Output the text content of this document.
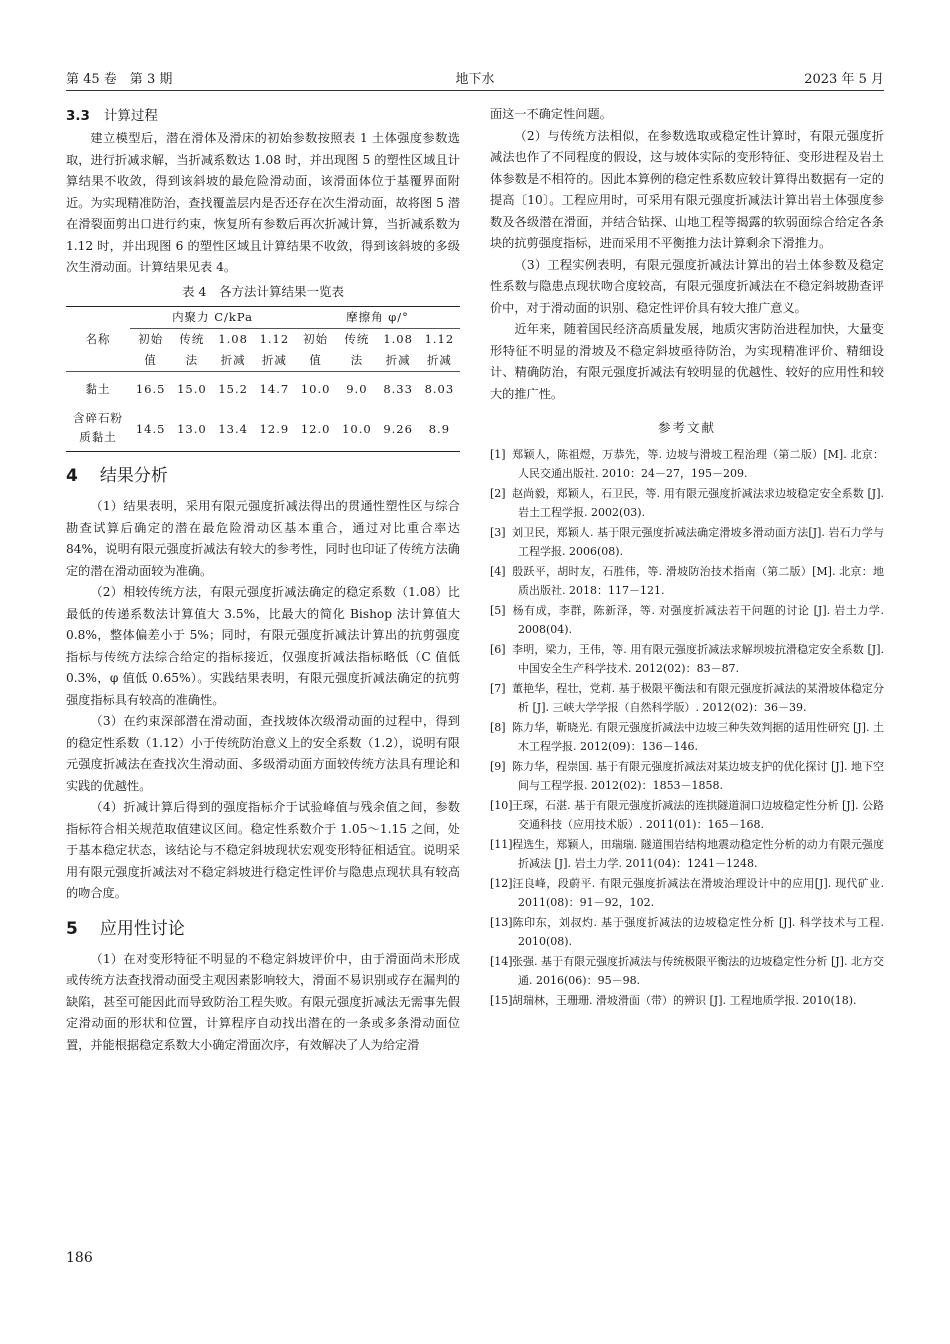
第 45 卷　第 3 期	地下水	2023 年 5 月
3.3 计算过程

建立模型后，潜在滑体及滑床的初始参数按照表 1 土体强度参数选取，进行折减求解，当折减系数达 1.08 时，并出现图 5 的塑性区域且计算结果不收敛，得到该斜坡的最危险滑动面，该滑面体位于基覆界面附近。为实现精准防治，查找覆盖层内是否还存在次生滑动面，故将图 5 潜在滑裂面剪出口进行约束，恢复所有参数后再次折减计算，当折减系数为 1.12 时，并出现图 6 的塑性区域且计算结果不收敛，得到该斜坡的多级次生滑动面。计算结果见表 4。

表 4　各方法计算结果一览表
名称	内聚力 C/kPa				摩擦角 φ/°			
	初始	传统	1.08	1.12	初始	传统	1.08	1.12
	值	法	折减	折减	值	法	折减	折减
黏土	16.5	15.0	15.2	14.7	10.0	9.0	8.33	8.03
含碎石粉
质黏土	14.5	13.0	13.4	12.9	12.0	10.0	9.26	8.9
4 结果分析

（1）结果表明，采用有限元强度折减法得出的贯通性塑性区与综合勘查试算后确定的潜在最危险滑动区基本重合，通过对比重合率达 84%，说明有限元强度折减法有较大的参考性，同时也印证了传统方法确定的潜在滑动面较为准确。

（2）相较传统方法，有限元强度折减法确定的稳定系数（1.08）比最低的传递系数法计算值大 3.5%，比最大的简化 Bishop 法计算值大 0.8%，整体偏差小于 5%；同时，有限元强度折减法计算出的抗剪强度指标与传统方法综合给定的指标接近，仅强度折减法指标略低（C 值低 0.3%，φ 值低 0.65%）。实践结果表明，有限元强度折减法确定的抗剪强度指标具有较高的准确性。

（3）在约束深部潜在滑动面，查找坡体次级滑动面的过程中，得到的稳定性系数（1.12）小于传统防治意义上的安全系数（1.2），说明有限元强度折减法在查找次生滑动面、多级滑动面方面较传统方法具有理论和实践的优越性。

（4）折减计算后得到的强度指标介于试验峰值与残余值之间，参数指标符合相关规范取值建议区间。稳定性系数介于 1.05～1.15 之间，处于基本稳定状态，该结论与不稳定斜坡现状宏观变形特征相适宜。说明采用有限元强度折减法对不稳定斜坡进行稳定性评价与隐患点现状具有较高的吻合度。

5 应用性讨论

（1）在对变形特征不明显的不稳定斜坡评价中，由于滑面尚未形成或传统方法查找滑动面受主观因素影响较大，滑面不易识别或存在漏判的缺陷，甚至可能因此而导致防治工程失败。有限元强度折减法无需事先假定滑动面的形状和位置，计算程序自动找出潜在的一条或多条滑动面位置，并能根据稳定系数大小确定滑面次序，有效解决了人为给定滑

面这一不确定性问题。

（2）与传统方法相似，在参数选取或稳定性计算时，有限元强度折减法也作了不同程度的假设，这与坡体实际的变形特征、变形进程及岩土体参数是不相符的。因此本算例的稳定性系数应较计算得出数据有一定的提高〔10〕。工程应用时，可采用有限元强度折减法计算出岩土体强度参数及各级潜在滑面，并结合钻探、山地工程等揭露的软弱面综合给定各条块的抗剪强度指标，进而采用不平衡推力法计算剩余下滑推力。

（3）工程实例表明，有限元强度折减法计算出的岩土体参数及稳定性系数与隐患点现状吻合度较高，有限元强度折减法在不稳定斜坡勘查评价中，对于滑动面的识别、稳定性评价具有较大推广意义。

近年来，随着国民经济高质量发展，地质灾害防治进程加快，大量变形特征不明显的滑坡及不稳定斜坡亟待防治，为实现精准评价、精细设计、精确防治，有限元强度折减法有较明显的优越性、较好的应用性和较大的推广性。

参考文献
[1] 郑颖人，陈祖煜，万恭先，等. 边坡与滑坡工程治理（第二版）[M]. 北京：人民交通出版社. 2010：24－27，195－209.
[2] 赵尚毅，郑颖人，石卫民，等. 用有限元强度折减法求边坡稳定安全系数 [J]. 岩土工程学报. 2002(03).
[3] 刘卫民，郑颖人. 基于限元强度折减法确定滑坡多滑动面方法[J]. 岩石力学与工程学报. 2006(08).
[4] 殷跃平，胡时友，石胜伟，等. 滑坡防治技术指南（第二版）[M]. 北京：地质出版社. 2018：117－121.
[5] 杨有成，李群，陈新泽，等. 对强度折减法若干问题的讨论 [J]. 岩土力学. 2008(04).
[6] 李明，梁力，王伟，等. 用有限元强度折减法求解坝坡抗滑稳定安全系数 [J]. 中国安全生产科学技术. 2012(02)：83－87.
[7] 董艳华，程壮，党莉. 基于极限平衡法和有限元强度折减法的某滑坡体稳定分析 [J]. 三峡大学学报（自然科学版）. 2012(02)：36－39.
[8] 陈力华，靳晓光. 有限元强度折减法中边坡三种失效判据的适用性研究 [J]. 土木工程学报. 2012(09)：136－146.
[9] 陈力华，程崇国. 基于有限元强度折减法对某边坡支护的优化探讨 [J]. 地下空间与工程学报. 2012(02)：1853－1858.
[10]王琛，石湛. 基于有限元强度折减法的连拱隧道洞口边坡稳定性分析 [J]. 公路交通科技（应用技术版）. 2011(01)：165－168.
[11]程选生，郑颖人，田瑞瑞. 隧道围岩结构地震动稳定性分析的动力有限元强度折减法 [J]. 岩土力学. 2011(04)：1241－1248.
[12]汪良峰，段蔚平. 有限元强度折减法在滑坡治理设计中的应用[J]. 现代矿业. 2011(08)：91－92，102.
[13]陈印东，刘叔灼. 基于强度折减法的边坡稳定性分析 [J]. 科学技术与工程. 2010(08).
[14]张强. 基于有限元强度折减法与传统极限平衡法的边坡稳定性分析 [J]. 北方交通. 2016(06)：95－98.
[15]胡瑞林，王珊珊. 滑坡滑面（带）的辨识 [J]. 工程地质学报. 2010(18).
186
